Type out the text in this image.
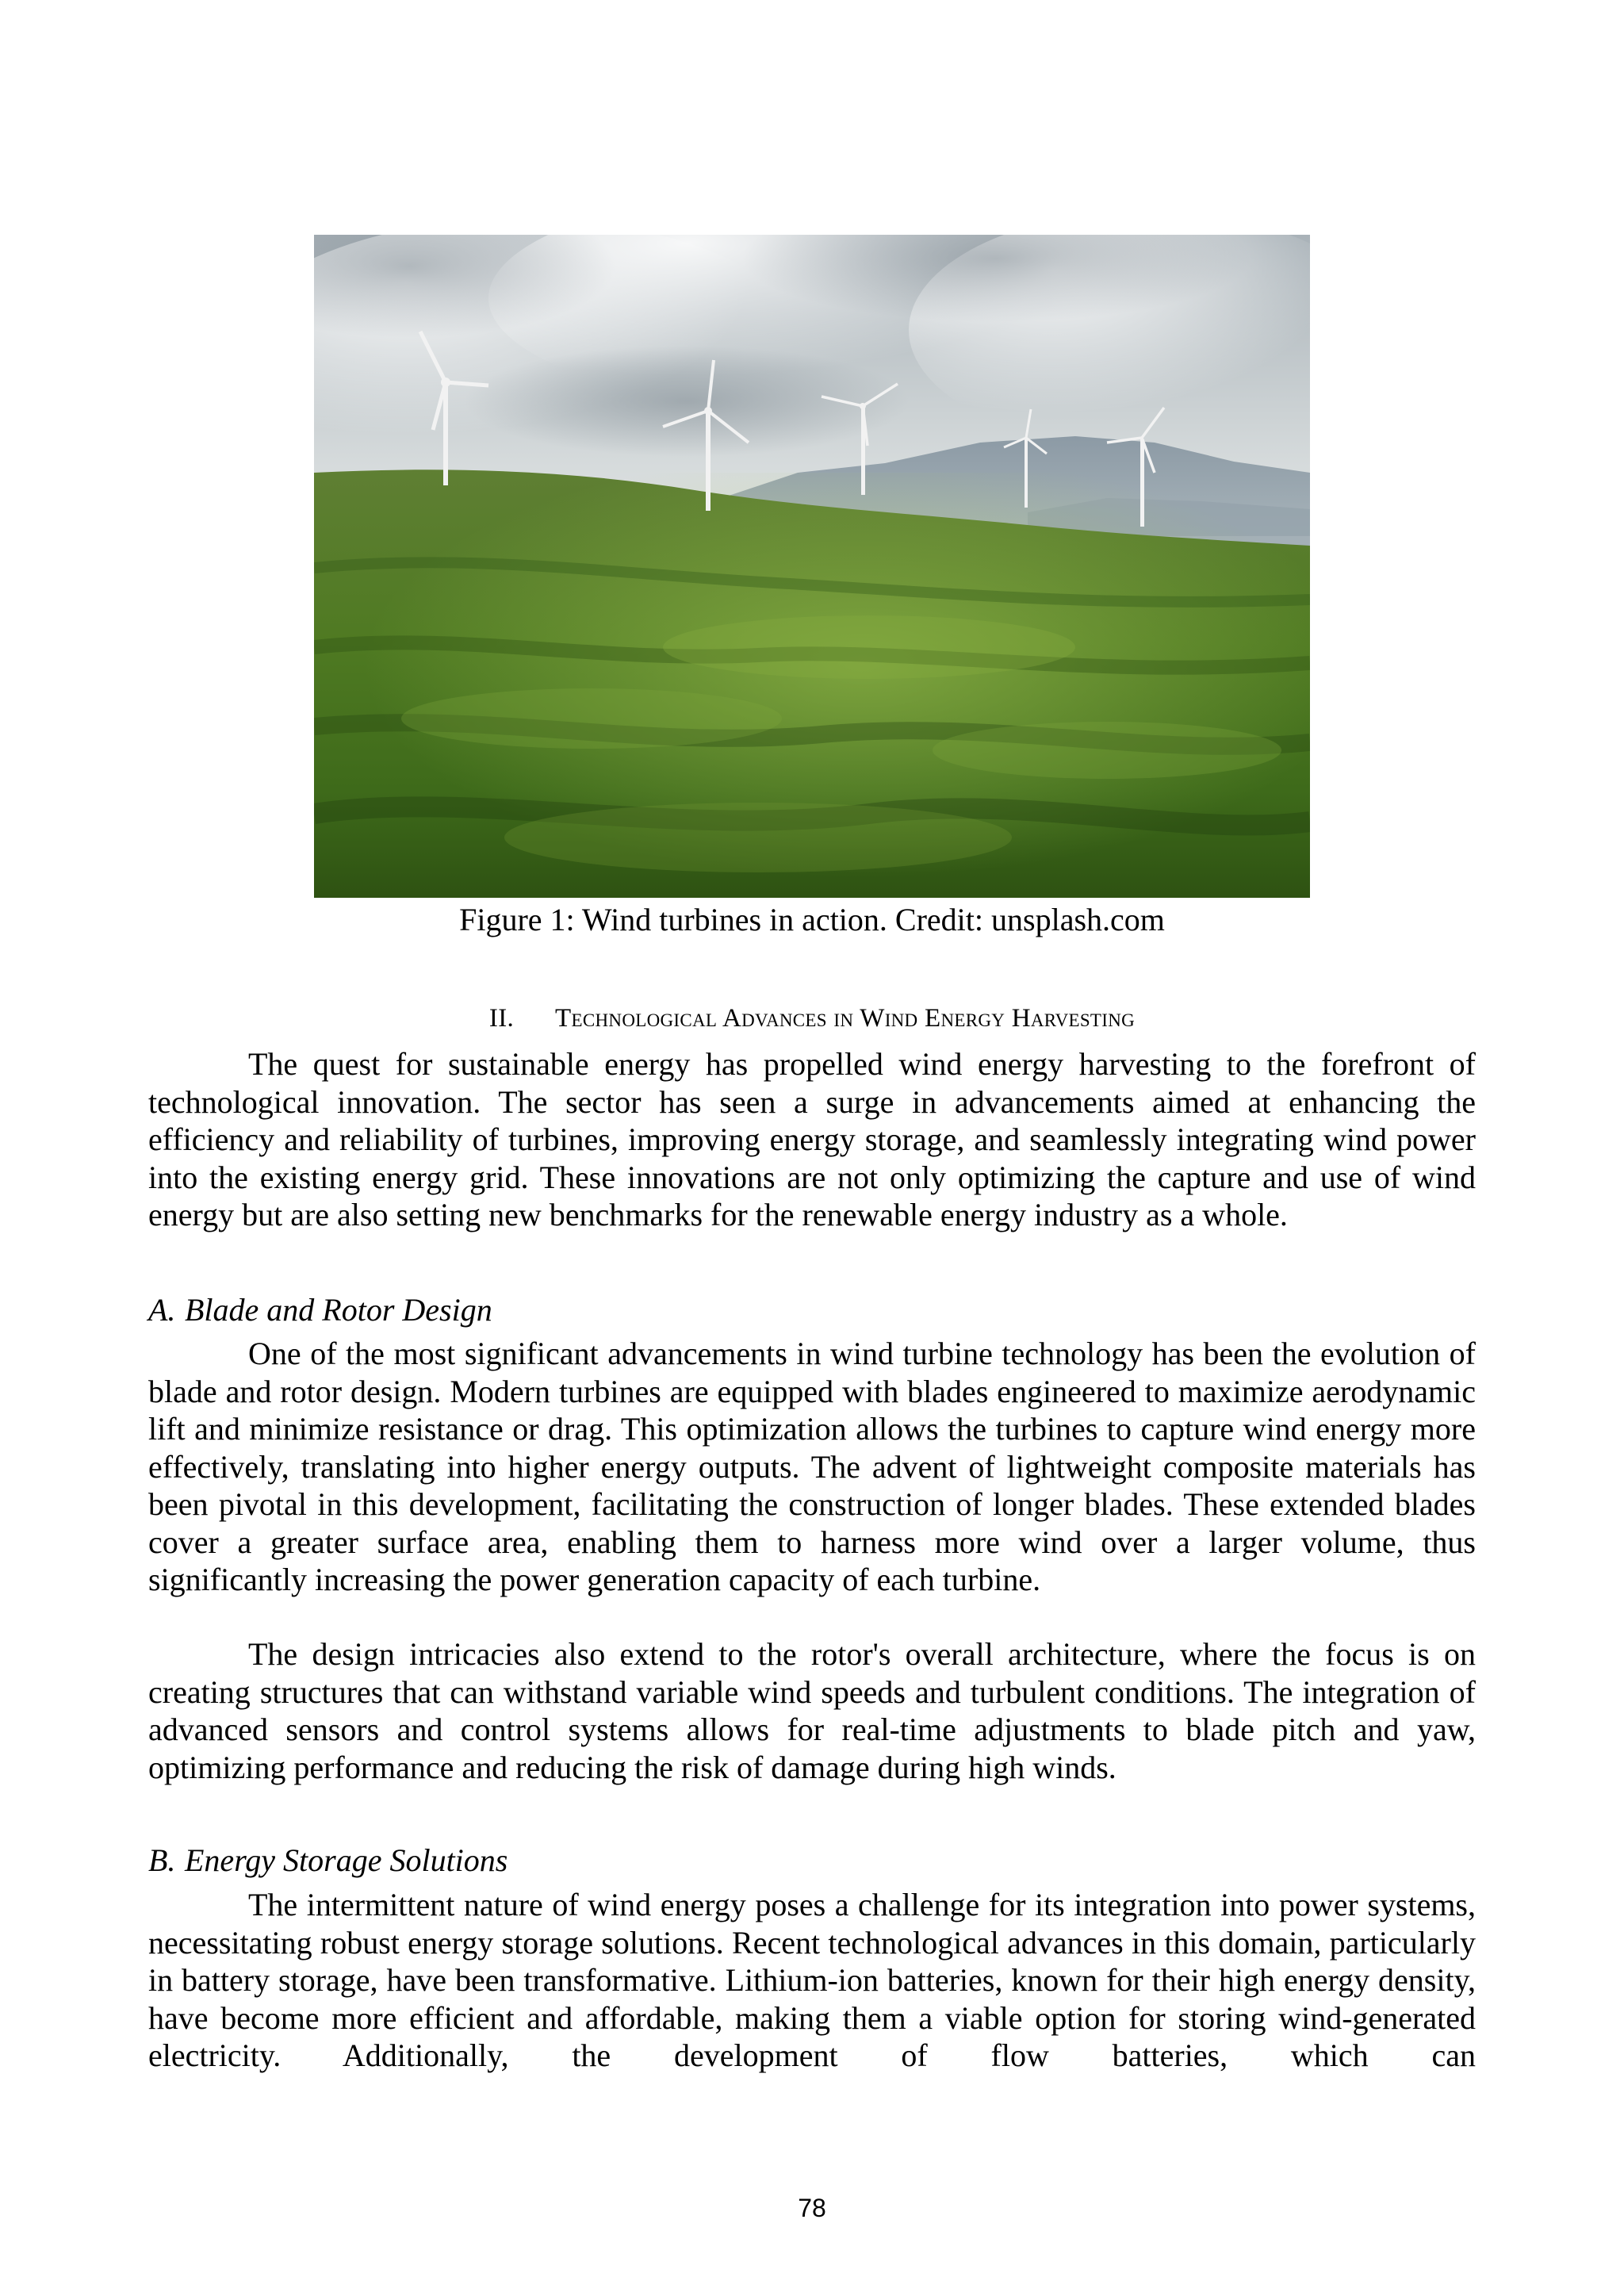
Figure 1: Wind turbines in action. Credit: unsplash.com
II. Technological Advances in Wind Energy Harvesting

The quest for sustainable energy has propelled wind energy harvesting to the forefront of technological innovation. The sector has seen a surge in advancements aimed at enhancing the efficiency and reliability of turbines, improving energy storage, and seamlessly integrating wind power into the existing energy grid. These innovations are not only optimizing the capture and use of wind energy but are also setting new benchmarks for the renewable energy industry as a whole.

A. Blade and Rotor Design

One of the most significant advancements in wind turbine technology has been the evolution of blade and rotor design. Modern turbines are equipped with blades engineered to maximize aerodynamic lift and minimize resistance or drag. This optimization allows the turbines to capture wind energy more effectively, translating into higher energy outputs. The advent of lightweight composite materials has been pivotal in this development, facilitating the construction of longer blades. These extended blades cover a greater surface area, enabling them to harness more wind over a larger volume, thus significantly increasing the power generation capacity of each turbine.

The design intricacies also extend to the rotor's overall architecture, where the focus is on creating structures that can withstand variable wind speeds and turbulent conditions. The integration of advanced sensors and control systems allows for real-time adjustments to blade pitch and yaw, optimizing performance and reducing the risk of damage during high winds.

B. Energy Storage Solutions

The intermittent nature of wind energy poses a challenge for its integration into power systems, necessitating robust energy storage solutions. Recent technological advances in this domain, particularly in battery storage, have been transformative. Lithium-ion batteries, known for their high energy density, have become more efficient and affordable, making them a viable option for storing wind-generated electricity. Additionally, the development of flow batteries, which can

78
